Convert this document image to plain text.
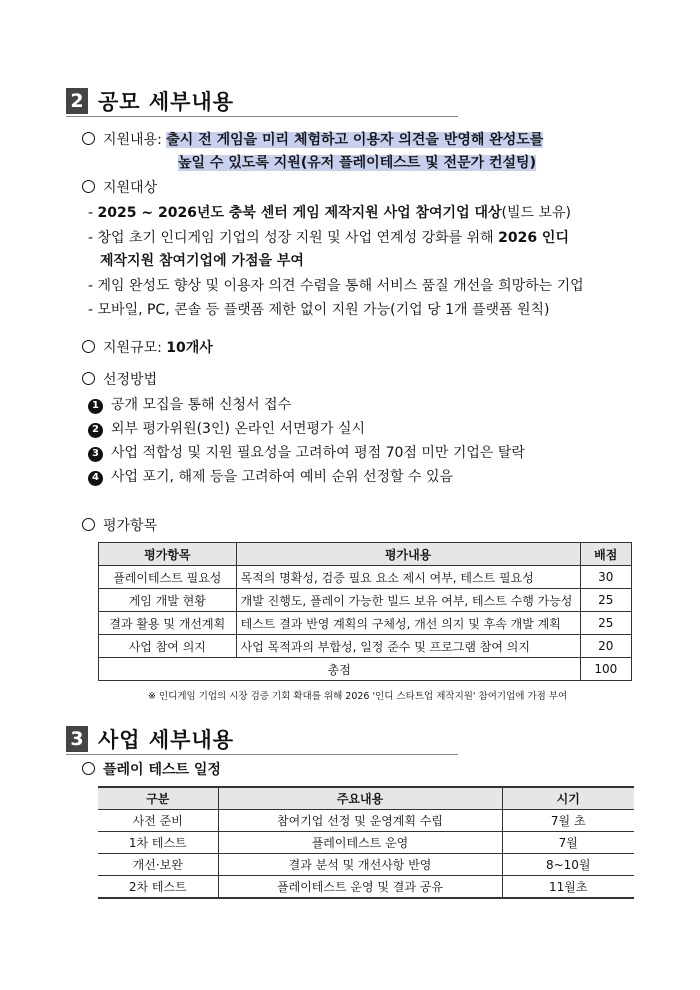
2 공모 세부내용
지원내용: 출시 전 게임을 미리 체험하고 이용자 의견을 반영해 완성도를
높일 수 있도록 지원(유저 플레이테스트 및 전문가 컨설팅)
지원대상
- 2025 ~ 2026년도 충북 센터 게임 제작지원 사업 참여기업 대상(빌드 보유)
- 창업 초기 인디게임 기업의 성장 지원 및 사업 연계성 강화를 위해 2026 인디
제작지원 참여기업에 가점을 부여
- 게임 완성도 향상 및 이용자 의견 수렴을 통해 서비스 품질 개선을 희망하는 기업
- 모바일, PC, 콘솔 등 플랫폼 제한 없이 지원 가능(기업 당 1개 플랫폼 원칙)
지원규모: 10개사
선정방법
1 공개 모집을 통해 신청서 접수
2 외부 평가위원(3인) 온라인 서면평가 실시
3 사업 적합성 및 지원 필요성을 고려하여 평점 70점 미만 기업은 탈락
4 사업 포기, 해제 등을 고려하여 예비 순위 선정할 수 있음
평가항목
평가항목	평가내용	배점
플레이테스트 필요성	목적의 명확성, 검증 필요 요소 제시 여부, 테스트 필요성	30
게임 개발 현황	개발 진행도, 플레이 가능한 빌드 보유 여부, 테스트 수행 가능성	25
결과 활용 및 개선계획	테스트 결과 반영 계획의 구체성, 개선 의지 및 후속 개발 계획	25
사업 참여 의지	사업 목적과의 부합성, 일정 준수 및 프로그램 참여 의지	20
총점		100
※ 인디게임 기업의 시장 검증 기회 확대를 위해 2026 '인디 스타트업 제작지원' 참여기업에 가점 부여
3 사업 세부내용
플레이 테스트 일정
구분	주요내용	시기
사전 준비	참여기업 선정 및 운영계획 수립	7월 초
1차 테스트	플레이테스트 운영	7월
개선·보완	결과 분석 및 개선사항 반영	8~10월
2차 테스트	플레이테스트 운영 및 결과 공유	11월초
